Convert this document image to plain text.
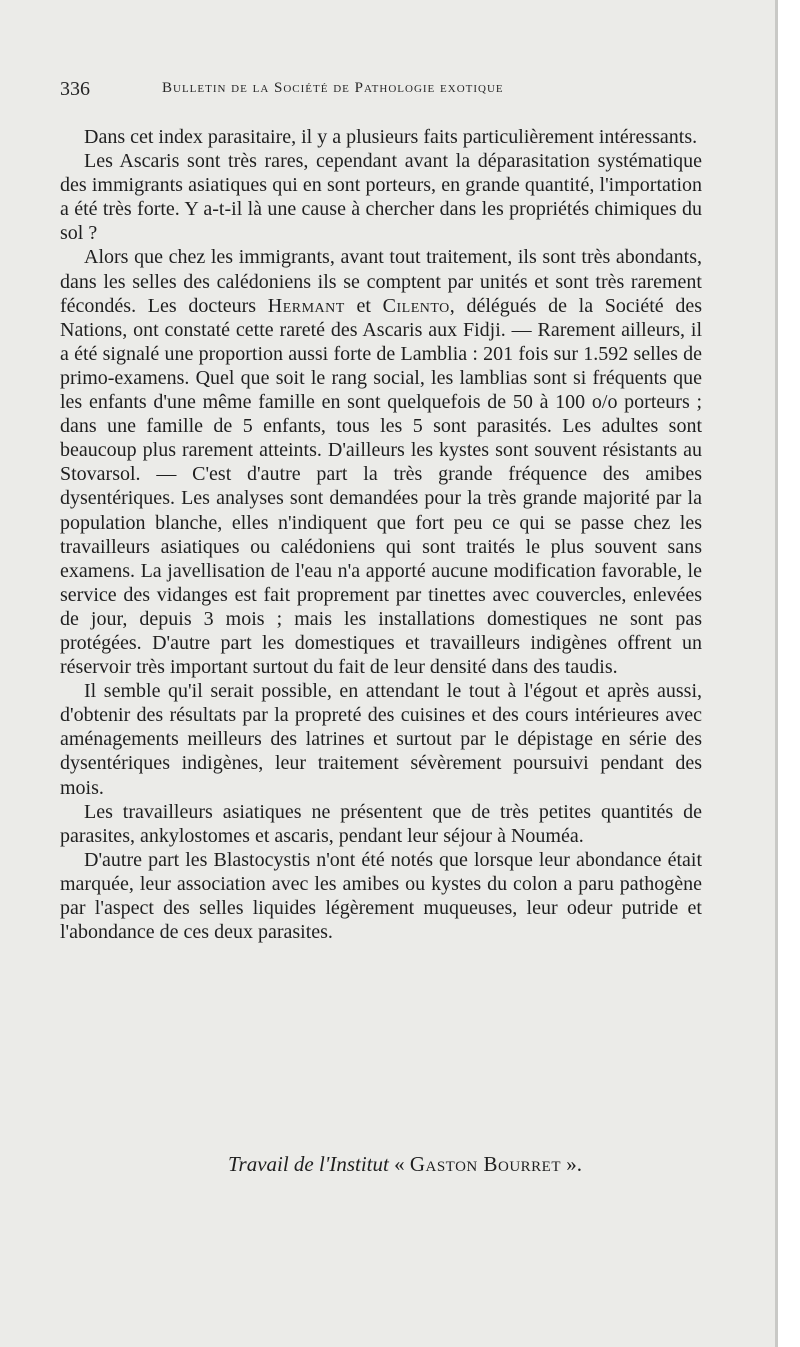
336	Bulletin de la Société de Pathologie exotique

Dans cet index parasitaire, il y a plusieurs faits particulièrement intéressants.

Les Ascaris sont très rares, cependant avant la déparasitation systématique des immigrants asiatiques qui en sont porteurs, en grande quantité, l'importation a été très forte. Y a-t-il là une cause à chercher dans les propriétés chimiques du sol ?

Alors que chez les immigrants, avant tout traitement, ils sont très abondants, dans les selles des calédoniens ils se comptent par unités et sont très rarement fécondés. Les docteurs Hermant et Cilento, délégués de la Société des Nations, ont constaté cette rareté des Ascaris aux Fidji. — Rarement ailleurs, il a été signalé une proportion aussi forte de Lamblia : 201 fois sur 1.592 selles de primo-examens. Quel que soit le rang social, les lamblias sont si fréquents que les enfants d'une même famille en sont quelquefois de 50 à 100 o/o porteurs ; dans une famille de 5 enfants, tous les 5 sont parasités. Les adultes sont beaucoup plus rarement atteints. D'ailleurs les kystes sont souvent résistants au Stovarsol. — C'est d'autre part la très grande fréquence des amibes dysentériques. Les analyses sont demandées pour la très grande majorité par la population blanche, elles n'indiquent que fort peu ce qui se passe chez les travailleurs asiatiques ou calédoniens qui sont traités le plus souvent sans examens. La javellisation de l'eau n'a apporté aucune modification favorable, le service des vidanges est fait proprement par tinettes avec couvercles, enlevées de jour, depuis 3 mois ; mais les installations domestiques ne sont pas protégées. D'autre part les domestiques et travailleurs indigènes offrent un réservoir très important surtout du fait de leur densité dans des taudis.

Il semble qu'il serait possible, en attendant le tout à l'égout et après aussi, d'obtenir des résultats par la propreté des cuisines et des cours intérieures avec aménagements meilleurs des latrines et surtout par le dépistage en série des dysentériques indigènes, leur traitement sévèrement poursuivi pendant des mois.

Les travailleurs asiatiques ne présentent que de très petites quantités de parasites, ankylostomes et ascaris, pendant leur séjour à Nouméa.

D'autre part les Blastocystis n'ont été notés que lorsque leur abondance était marquée, leur association avec les amibes ou kystes du colon a paru pathogène par l'aspect des selles liquides légèrement muqueuses, leur odeur putride et l'abondance de ces deux parasites.

Travail de l'Institut « Gaston Bourret ».
